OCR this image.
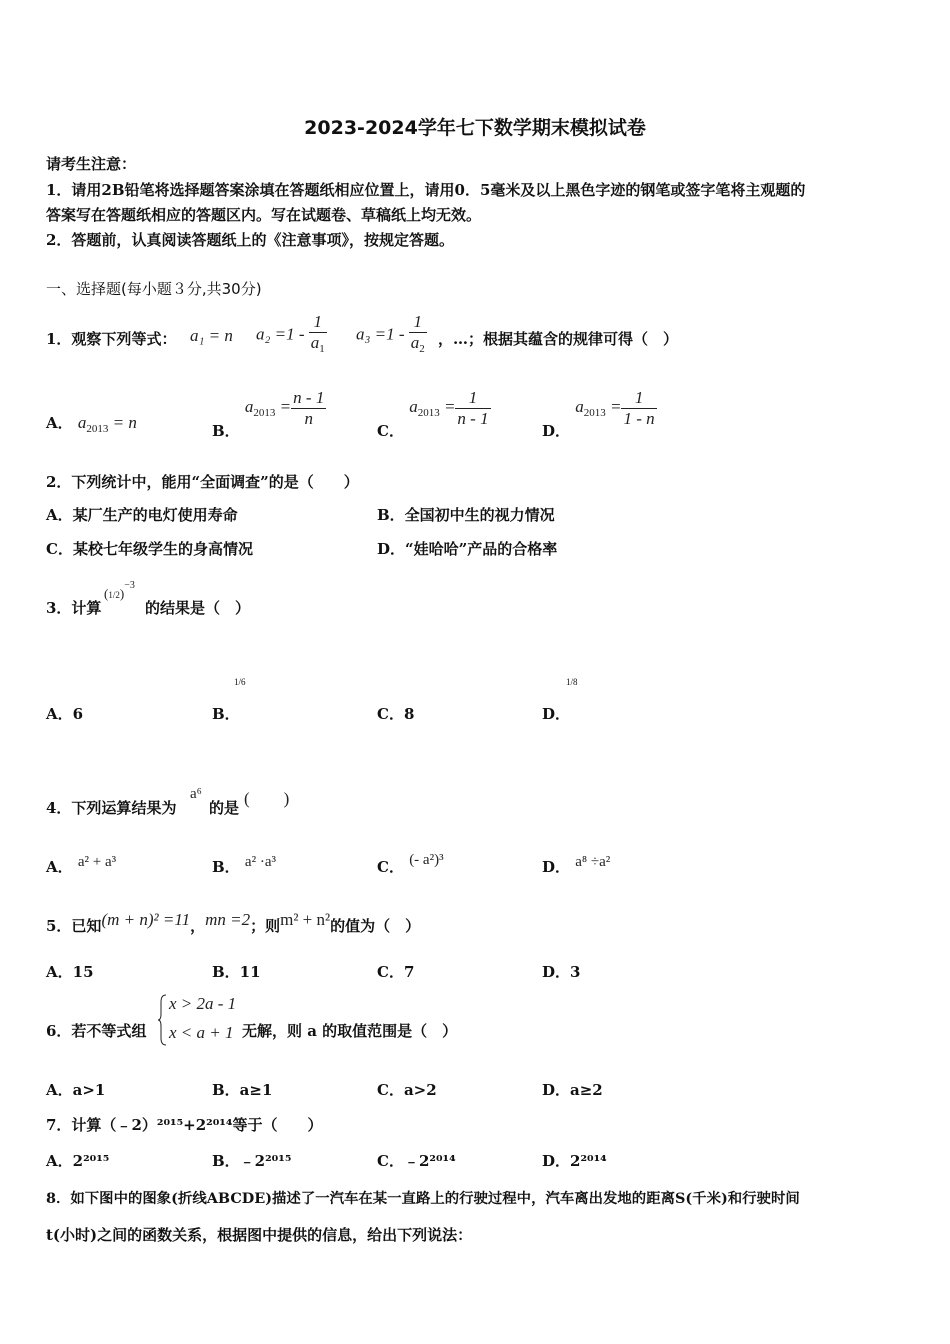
2023-2024学年七下数学期末模拟试卷
请考生注意：
1．请用2B铅笔将选择题答案涂填在答题纸相应位置上，请用0．5毫米及以上黑色字迹的钢笔或签字笔将主观题的
答案写在答题纸相应的答题区内。写在试题卷、草稿纸上均无效。
2．答题前，认真阅读答题纸上的《注意事项》，按规定答题。
一、选择题(每小题３分,共30分)
1．观察下列等式： a₁ = n $a_2 =1 - \frac{1}{a_1} a_3 =1 - \frac{1}{a_2}$ ，…；根据其蕴含的规律可得（　）
A． $a_{2013} = n$	B． $a_{2013} = \frac{n - 1}{n}$
C． $a_{2013} = \frac{1}{n - 1}$
D． $a_{2013} = \frac{1}{1 - n}$
2．下列统计中，能用“全面调查”的是（　　）
A．某厂生产的电灯使用寿命	B．全国初中生的视力情况
C．某校七年级学生的身高情况	D．“娃哈哈”产品的合格率
3．计算
$(1/2)^{-3}$
的结果是（　）
A．6	B．
1/6
C．8	D．
1/8
4．下列运算结果为
a⁶
的是 (　　)
A． a² + a³	B． a² ·a³	C． (- a²)³	D． a⁸ ÷a²
5．已知(m + n)² =11，mn =2；则m² + n²的值为（　）
A．15	B．11	C．7	D．3
6．若不等式组
x > 2a - 1
x < a + 1 无解，则 a 的取值范围是（　）
A．a>1	B．a≥1	C．a>2	D．a≥2
7．计算（﹣2）²⁰¹⁵+2²⁰¹⁴等于（　　）
A．2²⁰¹⁵	B．﹣2²⁰¹⁵	C．﹣2²⁰¹⁴	D．2²⁰¹⁴
8．如下图中的图象(折线ABCDE)描述了一汽车在某一直路上的行驶过程中，汽车离出发地的距离S(千米)和行驶时间
t(小时)之间的函数关系，根据图中提供的信息，给出下列说法：
